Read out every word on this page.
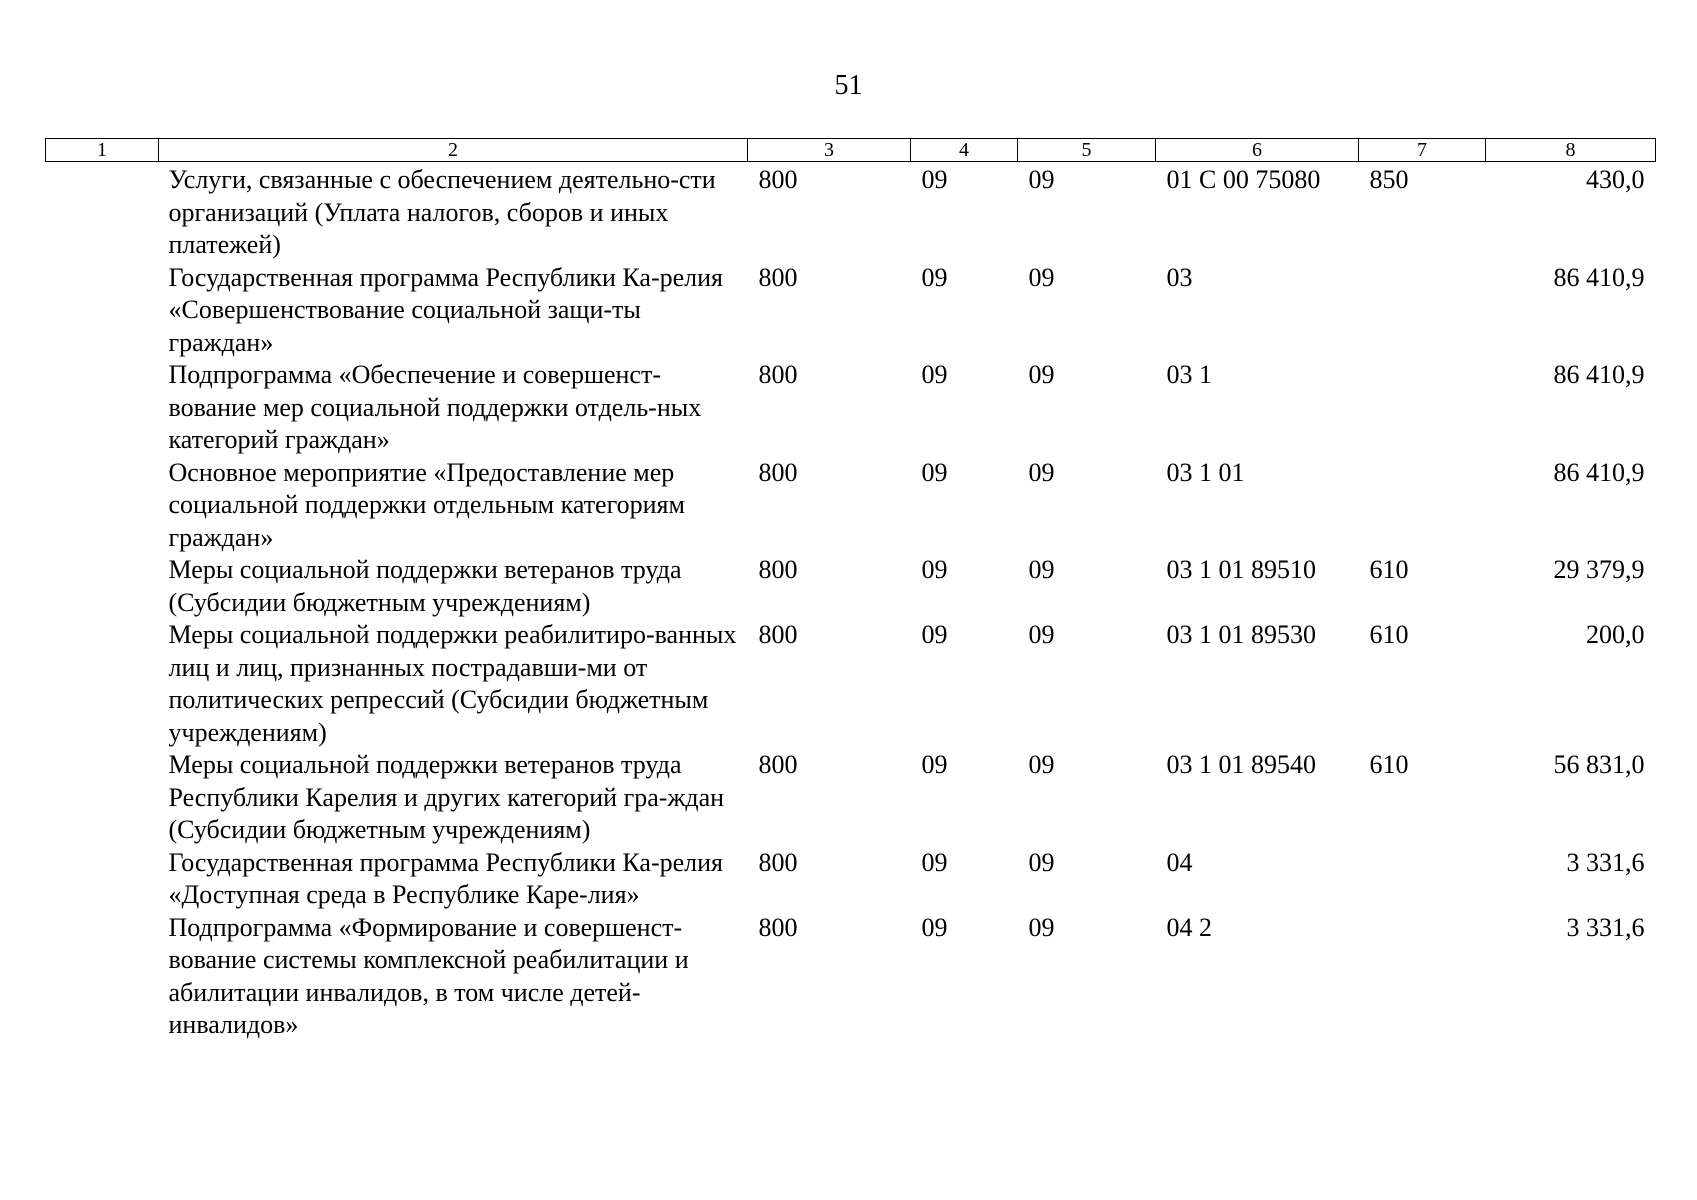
51
1	2	3	4	5	6	7	8
	Услуги, связанные с обеспечением деятельно-сти организаций (Уплата налогов, сборов и иных платежей)	800	09	09	01 С 00 75080	850	430,0
	Государственная программа Республики Ка-релия «Совершенствование социальной защи-ты граждан»	800	09	09	03		86 410,9
	Подпрограмма «Обеспечение и совершенст-вование мер социальной поддержки отдель-ных категорий граждан»	800	09	09	03 1		86 410,9
	Основное мероприятие «Предоставление мер социальной поддержки отдельным категориям граждан»	800	09	09	03 1 01		86 410,9
	Меры социальной поддержки ветеранов труда (Субсидии бюджетным учреждениям)	800	09	09	03 1 01 89510	610	29 379,9
	Меры социальной поддержки реабилитиро-ванных лиц и лиц, признанных пострадавши-ми от политических репрессий (Субсидии бюджетным учреждениям)	800	09	09	03 1 01 89530	610	200,0
	Меры социальной поддержки ветеранов труда Республики Карелия и других категорий гра-ждан (Субсидии бюджетным учреждениям)	800	09	09	03 1 01 89540	610	56 831,0
	Государственная программа Республики Ка-релия «Доступная среда в Республике Каре-лия»	800	09	09	04		3 331,6
	Подпрограмма «Формирование и совершенст-вование системы комплексной реабилитации и абилитации инвалидов, в том числе детей-инвалидов»	800	09	09	04 2		3 331,6
